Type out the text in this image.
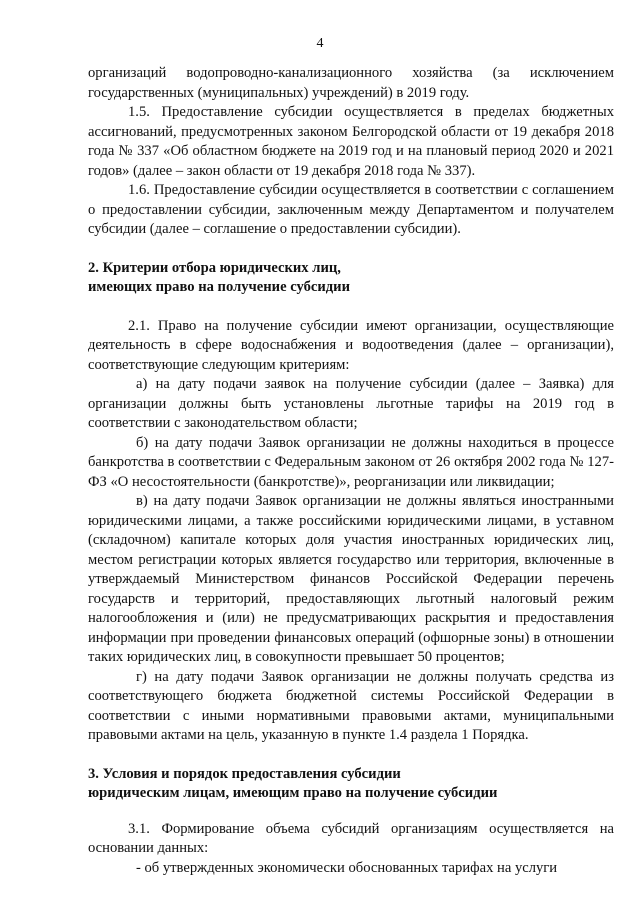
4

организаций водопроводно-канализационного хозяйства (за исключением государственных (муниципальных) учреждений) в 2019 году.

1.5. Предоставление субсидии осуществляется в пределах бюджетных ассигнований, предусмотренных законом Белгородской области от 19 декабря 2018 года № 337 «Об областном бюджете на 2019 год и на плановый период 2020 и 2021 годов» (далее – закон области от 19 декабря 2018 года № 337).

1.6. Предоставление субсидии осуществляется в соответствии с соглашением о предоставлении субсидии, заключенным между Департаментом и получателем субсидии (далее – соглашение о предоставлении субсидии).

2. Критерии отбора юридических лиц,

имеющих право на получение субсидии

2.1. Право на получение субсидии имеют организации, осуществляющие деятельность в сфере водоснабжения и водоотведения (далее – организации), соответствующие следующим критериям:

а) на дату подачи заявок на получение субсидии (далее – Заявка) для организации должны быть установлены льготные тарифы на 2019 год в соответствии с законодательством области;

б) на дату подачи Заявок организации не должны находиться в процессе банкротства в соответствии с Федеральным законом от 26 октября 2002 года № 127-ФЗ «О несостоятельности (банкротстве)», реорганизации или ликвидации;

в) на дату подачи Заявок организации не должны являться иностранными юридическими лицами, а также российскими юридическими лицами, в уставном (складочном) капитале которых доля участия иностранных юридических лиц, местом регистрации которых является государство или территория, включенные в утверждаемый Министерством финансов Российской Федерации перечень государств и территорий, предоставляющих льготный налоговый режим налогообложения и (или) не предусматривающих раскрытия и предоставления информации при проведении финансовых операций (офшорные зоны) в отношении таких юридических лиц, в совокупности превышает 50 процентов;

г) на дату подачи Заявок организации не должны получать средства из соответствующего бюджета бюджетной системы Российской Федерации в соответствии с иными нормативными правовыми актами, муниципальными правовыми актами на цель, указанную в пункте 1.4 раздела 1 Порядка.

3. Условия и порядок предоставления субсидии

юридическим лицам, имеющим право на получение субсидии

3.1. Формирование объема субсидий организациям осуществляется на основании данных:

- об утвержденных экономически обоснованных тарифах на услуги
